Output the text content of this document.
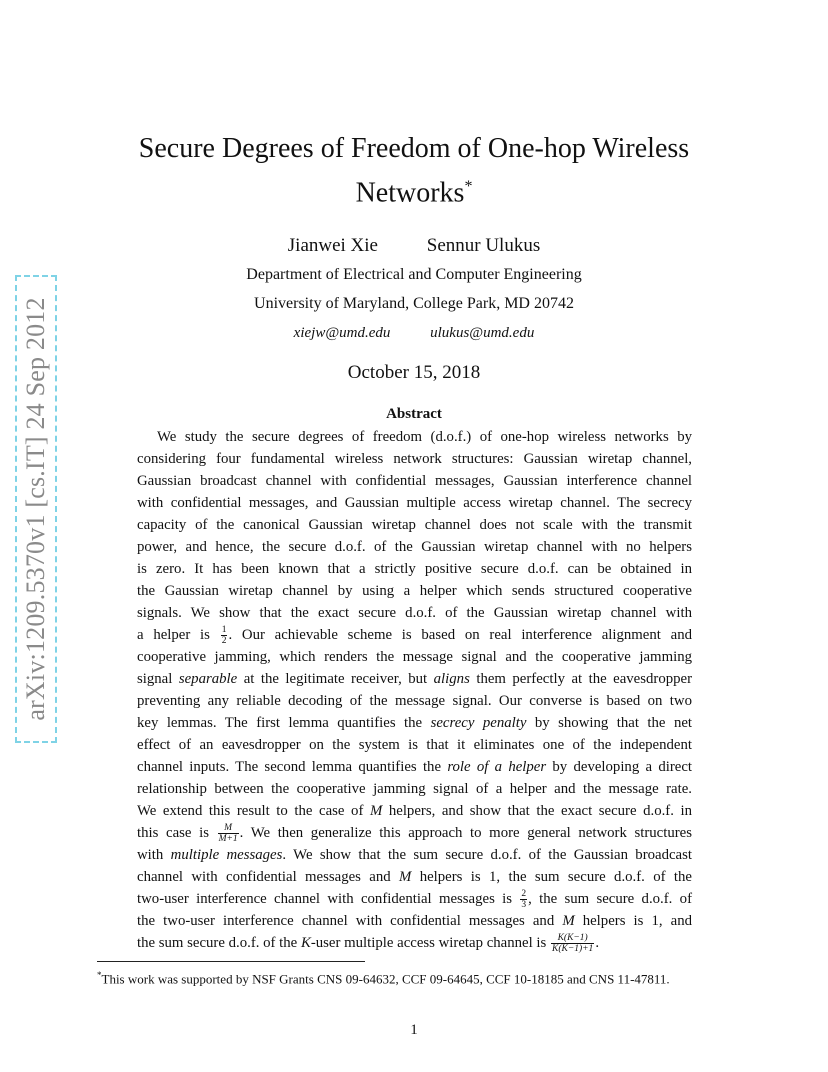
arXiv:1209.5370v1 [cs.IT] 24 Sep 2012
Secure Degrees of Freedom of One-hop Wireless Networks*
Jianwei Xie	Sennur Ulukus
Department of Electrical and Computer Engineering
University of Maryland, College Park, MD 20742
xiejw@umd.edu	ulukus@umd.edu
October 15, 2018
Abstract
We study the secure degrees of freedom (d.o.f.) of one-hop wireless networks by
considering four fundamental wireless network structures: Gaussian wiretap channel,
Gaussian broadcast channel with confidential messages, Gaussian interference channel
with confidential messages, and Gaussian multiple access wiretap channel. The secrecy
capacity of the canonical Gaussian wiretap channel does not scale with the transmit
power, and hence, the secure d.o.f. of the Gaussian wiretap channel with no helpers
is zero. It has been known that a strictly positive secure d.o.f. can be obtained in
the Gaussian wiretap channel by using a helper which sends structured cooperative
signals. We show that the exact secure d.o.f. of the Gaussian wiretap channel with
a helper is $\frac{1}{2}$ . Our achievable scheme is based on real interference alignment and
cooperative jamming, which renders the message signal and the cooperative jamming
signal separable at the legitimate receiver, but aligns them perfectly at the eavesdropper
preventing any reliable decoding of the message signal. Our converse is based on two
key lemmas. The first lemma quantifies the secrecy penalty by showing that the net
effect of an eavesdropper on the system is that it eliminates one of the independent
channel inputs. The second lemma quantifies the role of a helper by developing a direct
relationship between the cooperative jamming signal of a helper and the message rate.
We extend this result to the case of M helpers, and show that the exact secure d.o.f. in
this case is $\frac{M}{M+1}$ . We then generalize this approach to more general network structures
with multiple messages. We show that the sum secure d.o.f. of the Gaussian broadcast
channel with confidential messages and M helpers is 1, the sum secure d.o.f. of the
two-user interference channel with confidential messages is $\frac{2}{3}$ , the sum secure d.o.f. of
the two-user interference channel with confidential messages and M helpers is 1, and
the sum secure d.o.f. of the K-user multiple access wiretap channel is $\frac{K(K-1)}{K(K-1)+1}$ .
*This work was supported by NSF Grants CNS 09-64632, CCF 09-64645, CCF 10-18185 and CNS 11-47811.
1
